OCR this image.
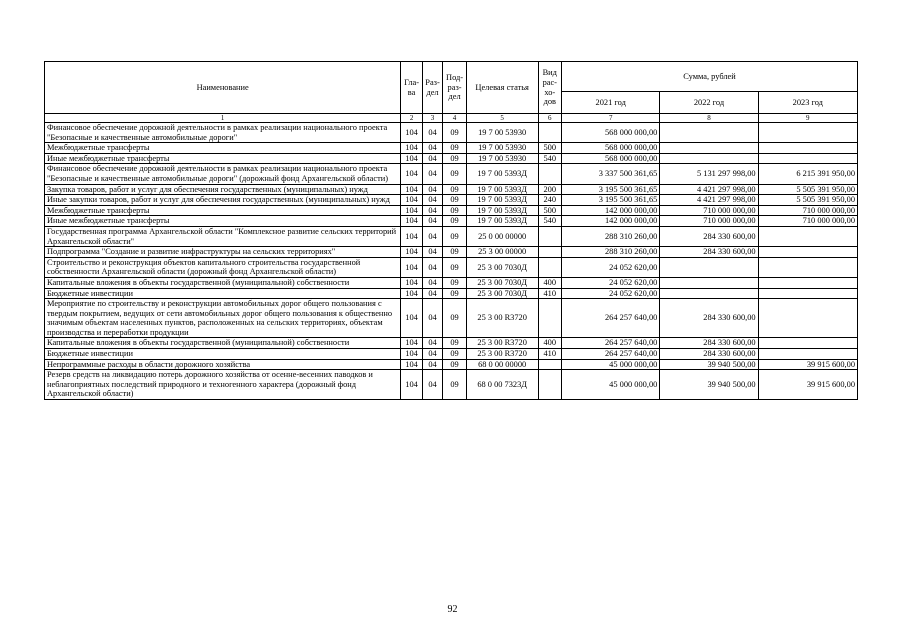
Наименование	Гла-ва	Раз-дел	Под-раз-дел	Целевая статья	Вид рас-хо-дов	Сумма, рублей		
						2021 год	2022 год	2023 год
1	2	3	4	5	6	7	8	9
Финансовое обеспечение дорожной деятельности в рамках реализации национального проекта "Безопасные и качественные автомобильные дороги"	104	04	09	19 7 00 53930		568 000 000,00		
Межбюджетные трансферты	104	04	09	19 7 00 53930	500	568 000 000,00		
Иные межбюджетные трансферты	104	04	09	19 7 00 53930	540	568 000 000,00		
Финансовое обеспечение дорожной деятельности в рамках реализации национального проекта "Безопасные и качественные автомобильные дороги" (дорожный фонд Архангельской области)	104	04	09	19 7 00 5393Д		3 337 500 361,65	5 131 297 998,00	6 215 391 950,00
Закупка товаров, работ и услуг для обеспечения государственных (муниципальных) нужд	104	04	09	19 7 00 5393Д	200	3 195 500 361,65	4 421 297 998,00	5 505 391 950,00
Иные закупки товаров, работ и услуг для обеспечения государственных (муниципальных) нужд	104	04	09	19 7 00 5393Д	240	3 195 500 361,65	4 421 297 998,00	5 505 391 950,00
Межбюджетные трансферты	104	04	09	19 7 00 5393Д	500	142 000 000,00	710 000 000,00	710 000 000,00
Иные межбюджетные трансферты	104	04	09	19 7 00 5393Д	540	142 000 000,00	710 000 000,00	710 000 000,00
Государственная программа Архангельской области "Комплексное развитие сельских территорий Архангельской области"	104	04	09	25 0 00 00000		288 310 260,00	284 330 600,00	
Подпрограмма "Создание и развитие инфраструктуры на сельских территориях"	104	04	09	25 3 00 00000		288 310 260,00	284 330 600,00	
Строительство и реконструкция объектов капитального строительства государственной собственности Архангельской области (дорожный фонд Архангельской области)	104	04	09	25 3 00 7030Д		24 052 620,00		
Капитальные вложения в объекты государственной (муниципальной) собственности	104	04	09	25 3 00 7030Д	400	24 052 620,00		
Бюджетные инвестиции	104	04	09	25 3 00 7030Д	410	24 052 620,00		
Мероприятие по строительству и реконструкции автомобильных дорог общего пользования с твердым покрытием, ведущих от сети автомобильных дорог общего пользования к общественно значимым объектам населенных пунктов, расположенных на сельских территориях, объектам производства и переработки продукции	104	04	09	25 3 00 R3720		264 257 640,00	284 330 600,00	
Капитальные вложения в объекты государственной (муниципальной) собственности	104	04	09	25 3 00 R3720	400	264 257 640,00	284 330 600,00	
Бюджетные инвестиции	104	04	09	25 3 00 R3720	410	264 257 640,00	284 330 600,00	
Непрограммные расходы в области дорожного хозяйства	104	04	09	68 0 00 00000		45 000 000,00	39 940 500,00	39 915 600,00
Резерв средств на ликвидацию потерь дорожного хозяйства от осенне-весенних паводков и неблагоприятных последствий природного и техногенного характера (дорожный фонд Архангельской области)	104	04	09	68 0 00 7323Д		45 000 000,00	39 940 500,00	39 915 600,00
92
